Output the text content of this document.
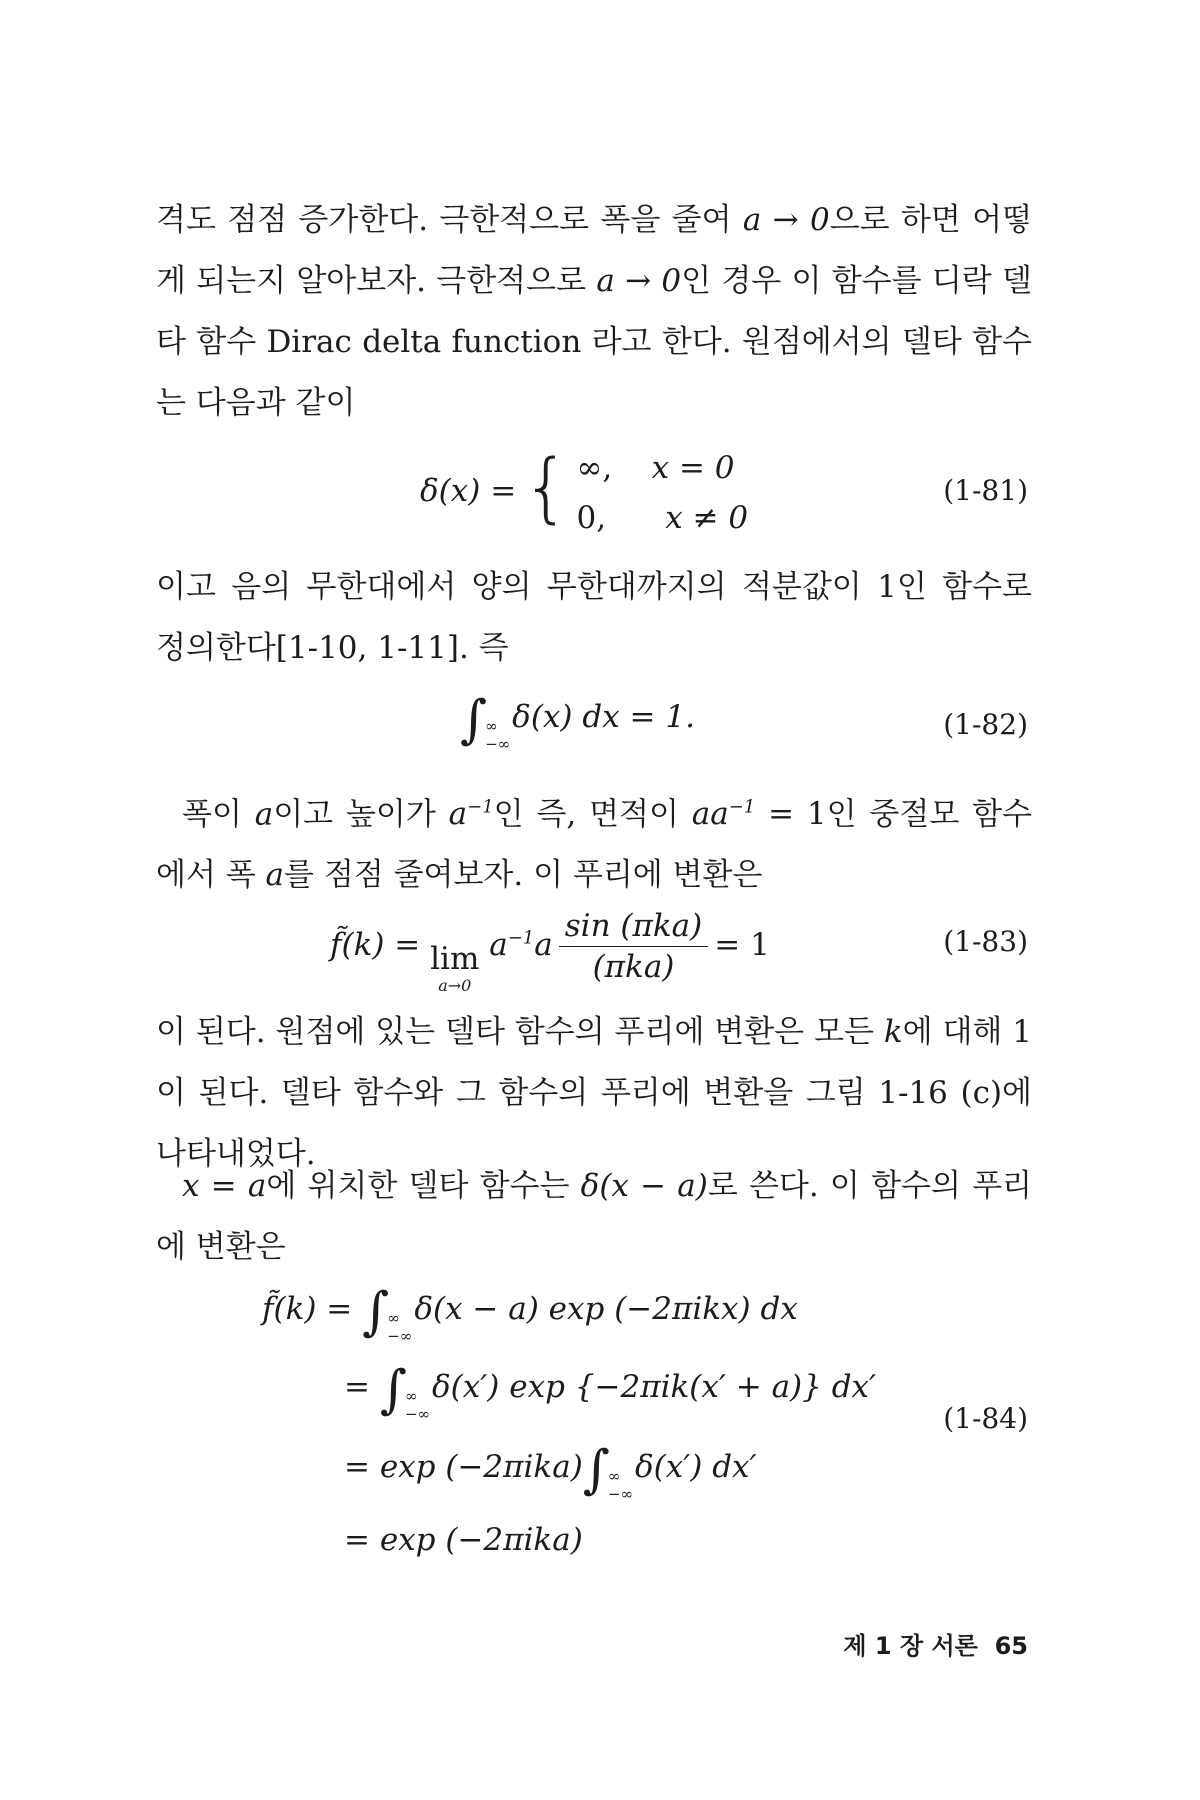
격도 점점 증가한다. 극한적으로 폭을 줄여 a → 0으로 하면 어떻게 되는지 알아보자. 극한적으로 a → 0인 경우 이 함수를 디락 델타 함수 Dirac delta function 라고 한다. 원점에서의 델타 함수는 다음과 같이

δ(x) ={ ∞, x = 0
0, x ≠ 0
(1-81)

이고 음의 무한대에서 양의 무한대까지의 적분값이 1인 함수로 정의한다[1-10, 1-11]. 즉

∫
∞
−∞
δ(x) dx = 1.	(1-82)

폭이 a이고 높이가 $a^{-1}$인 즉, 면적이 $aa^{-1} = 1$인 중절모 함수에서 폭 a를 점점 줄여보자. 이 푸리에 변환은

f̃(k) = lim
a→0
$a^{-1}a \frac{\text{sin (πka)}}{\text{(πka)}} = 1$	(1-83)

이 된다. 원점에 있는 델타 함수의 푸리에 변환은 모든 k에 대해 1이 된다. 델타 함수와 그 함수의 푸리에 변환을 그림 1-16 (c)에 나타내었다.

x = a에 위치한 델타 함수는 δ(x − a)로 쓴다. 이 함수의 푸리에 변환은

f̃(k) = ∫
∞
−∞
δ(x − a) exp (−2πikx) dx
= ∫
∞
−∞
δ(x′) exp {−2πik(x′ + a)} dx′
= exp (−2πika)∫
∞
−∞
δ(x′) dx′
= exp (−2πika)
(1-84)
제 1 장 서론 65
